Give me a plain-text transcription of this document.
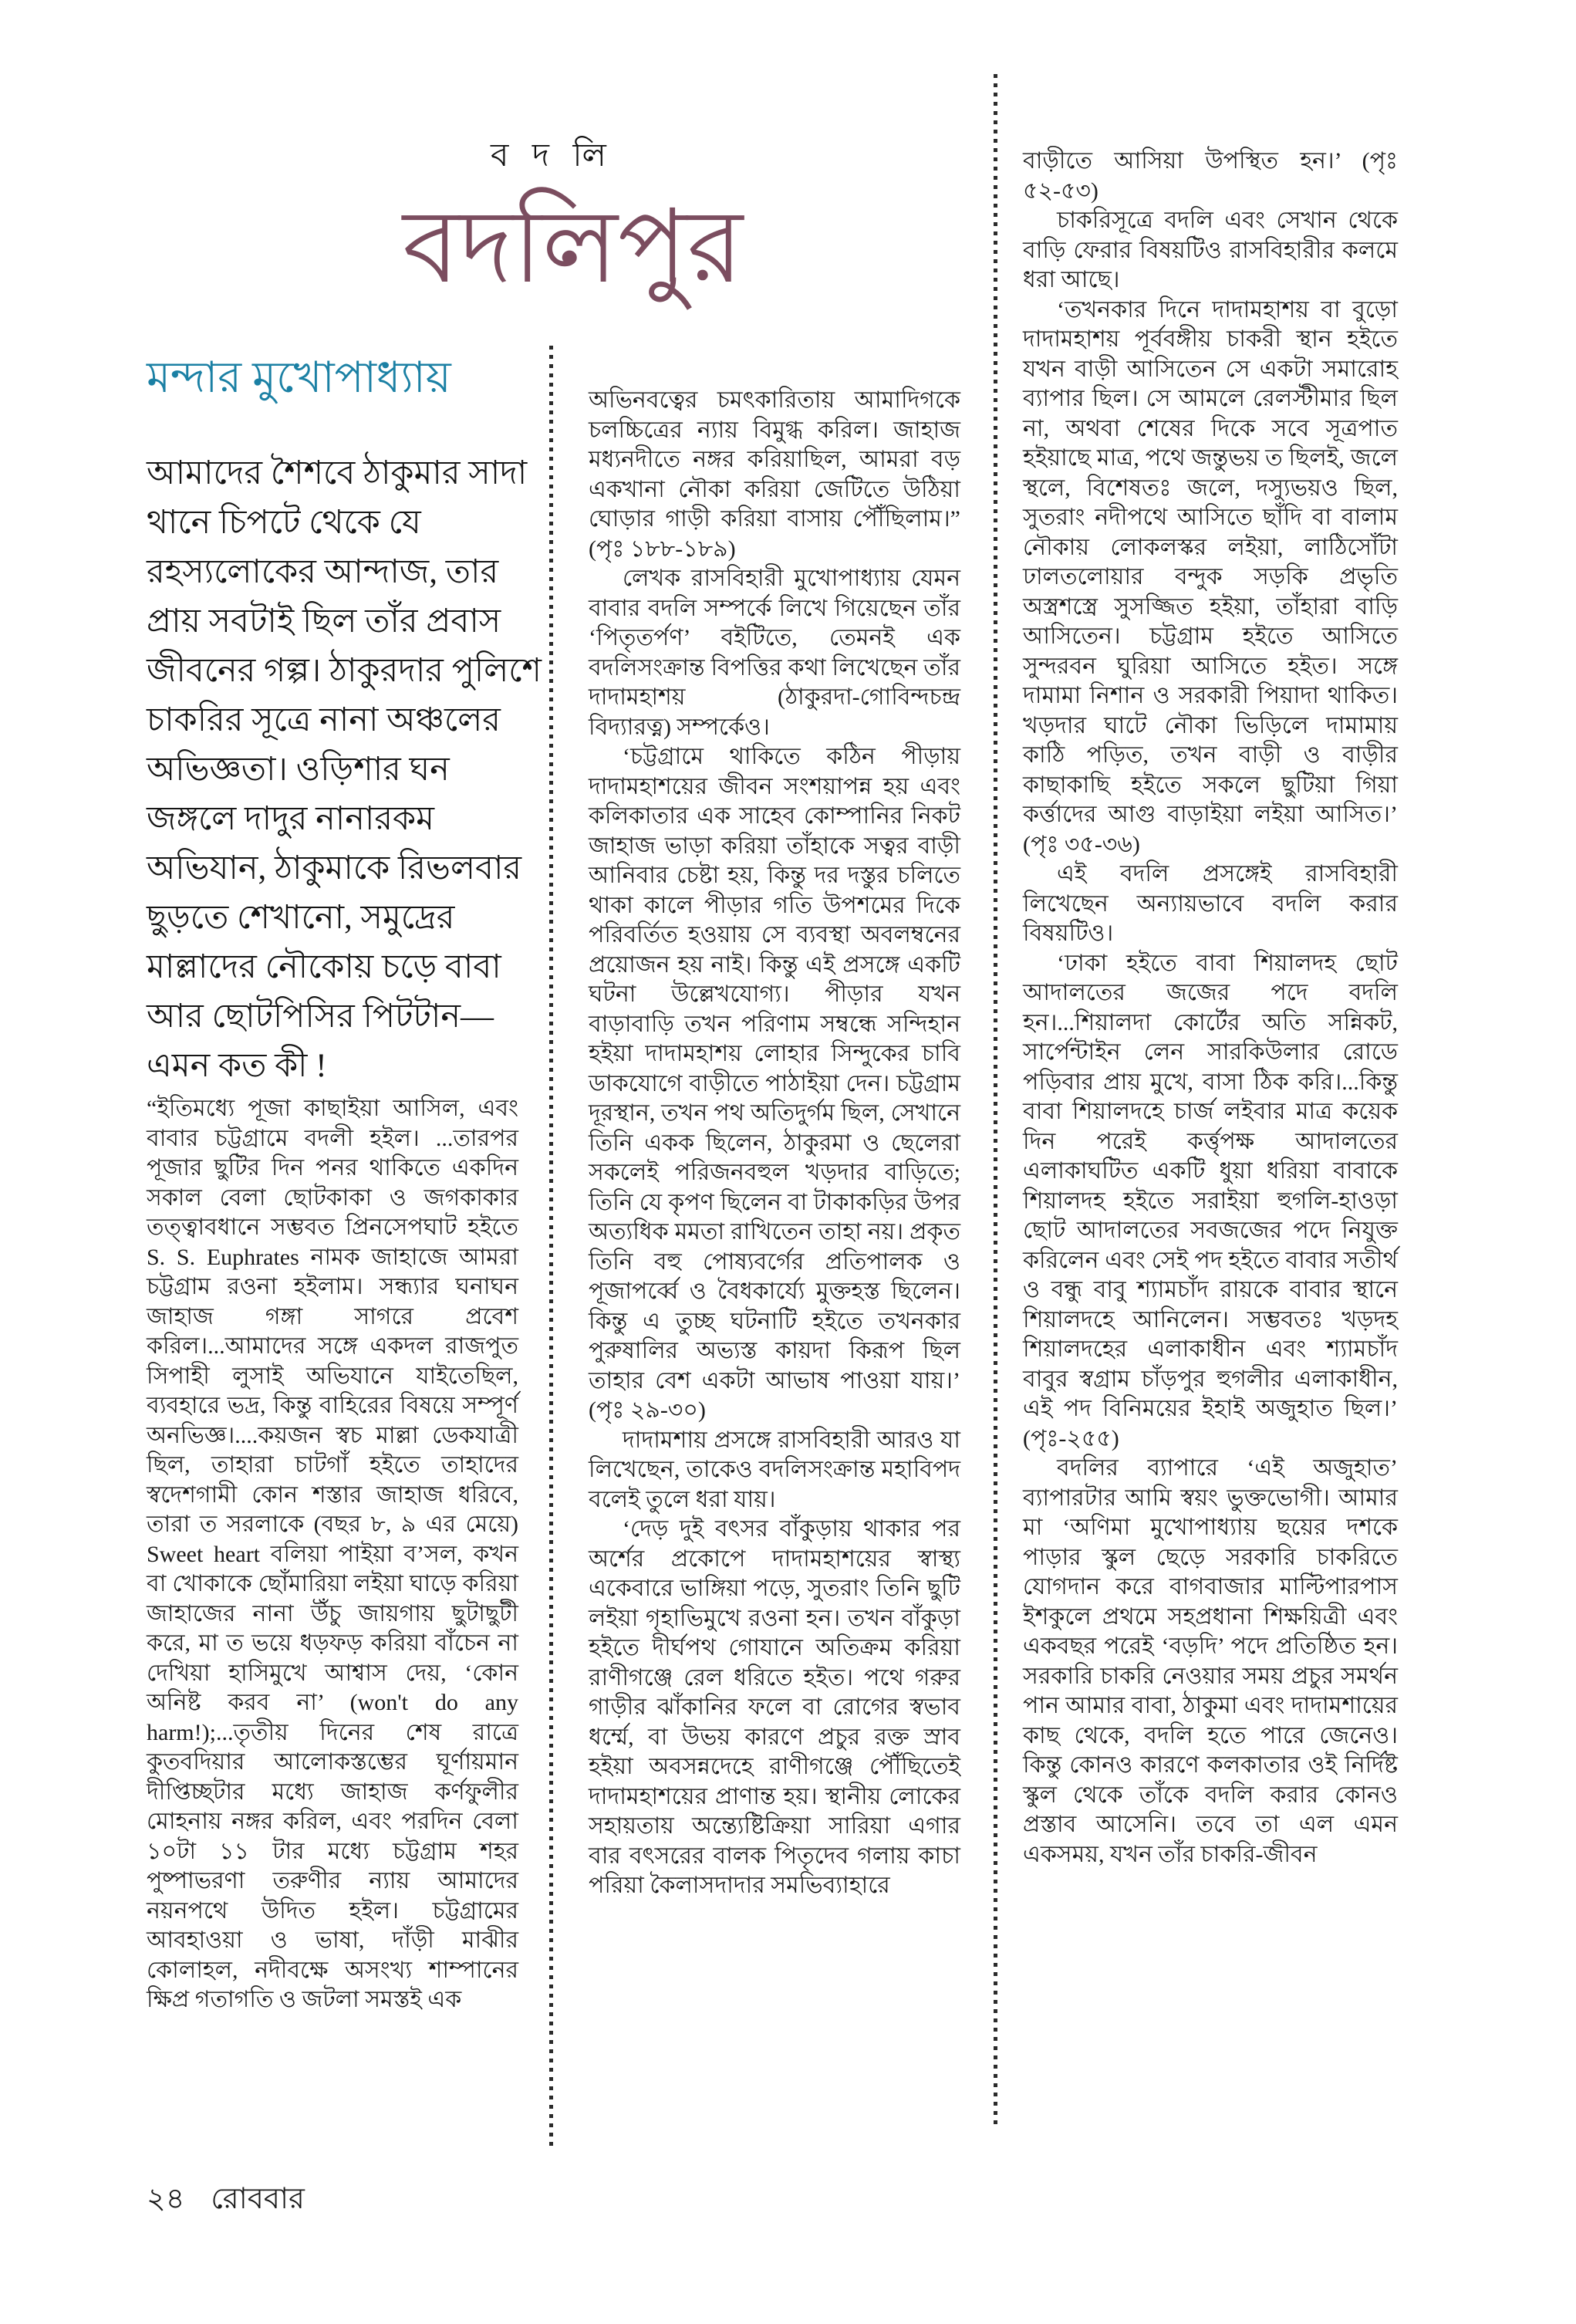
ব দ লি
বদলিপুর
মন্দার মুখোপাধ্যায়
আমাদের শৈশবে ঠাকুমার সাদা থানে চিপটে থেকে যে রহস্যলোকের আন্দাজ, তার প্রায় সবটাই ছিল তাঁর প্রবাস জীবনের গল্প। ঠাকুরদার পুলিশে চাকরির সূত্রে নানা অঞ্চলের অভিজ্ঞতা। ওড়িশার ঘন জঙ্গলে দাদুর নানারকম অভিযান, ঠাকুমাকে রিভলবার ছুড়তে শেখানো, সমুদ্রের মাল্লাদের নৌকোয় চড়ে বাবা আর ছোটপিসির পিটটান—এমন কত কী !

“ইতিমধ্যে পূজা কাছাইয়া আসিল, এবং বাবার চট্টগ্রামে বদলী হইল। ...তারপর পূজার ছুটির দিন পনর থাকিতে একদিন সকাল বেলা ছোটকাকা ও জগকাকার তত্ত্বাবধানে সম্ভবত প্রিনসেপঘাট হইতে S. S. Euphrates নামক জাহাজে আমরা চট্টগ্রাম রওনা হইলাম। সন্ধ্যার ঘনাঘন জাহাজ গঙ্গা সাগরে প্রবেশ করিল।...আমাদের সঙ্গে একদল রাজপুত সিপাহী লুসাই অভিযানে যাইতেছিল, ব্যবহারে ভদ্র, কিন্তু বাহিরের বিষয়ে সম্পূর্ণ অনভিজ্ঞ।....কয়জন স্বচ মাল্লা ডেকযাত্রী ছিল, তাহারা চাটগাঁ হইতে তাহাদের স্বদেশগামী কোন শস্তার জাহাজ ধরিবে, তারা ত সরলাকে (বছর ৮, ৯ এর মেয়ে) Sweet heart বলিয়া পাইয়া ব’সল, কখন বা খোকাকে ছোঁমারিয়া লইয়া ঘাড়ে করিয়া জাহাজের নানা উঁচু জায়গায় ছুটাছুটী করে, মা ত ভয়ে ধড়ফড় করিয়া বাঁচেন না দেখিয়া হাসিমুখে আশ্বাস দেয়, ‘কোন অনিষ্ট করব না’ (won't do any harm!);...তৃতীয় দিনের শেষ রাত্রে কুতবদিয়ার আলোকস্তম্ভের ঘূর্ণায়মান দীপ্তিচ্ছটার মধ্যে জাহাজ কর্ণফুলীর মোহনায় নঙ্গর করিল, এবং পরদিন বেলা ১০টা ১১ টার মধ্যে চট্টগ্রাম শহর পুষ্পাভরণা তরুণীর ন্যায় আমাদের নয়নপথে উদিত হইল। চট্টগ্রামের আবহাওয়া ও ভাষা, দাঁড়ী মাঝীর কোলাহল, নদীবক্ষে অসংখ্য শাম্পানের ক্ষিপ্র গতাগতি ও জটলা সমস্তই এক

অভিনবত্বের চমৎকারিতায় আমাদিগকে চলচ্চিত্রের ন্যায় বিমুগ্ধ করিল। জাহাজ মধ্যনদীতে নঙ্গর করিয়াছিল, আমরা বড় একখানা নৌকা করিয়া জেটিতে উঠিয়া ঘোড়ার গাড়ী করিয়া বাসায় পৌঁছিলাম।” (পৃঃ ১৮৮-১৮৯)

লেখক রাসবিহারী মুখোপাধ্যায় যেমন বাবার বদলি সম্পর্কে লিখে গিয়েছেন তাঁর ‘পিতৃতর্পণ’ বইটিতে, তেমনই এক বদলিসংক্রান্ত বিপত্তির কথা লিখেছেন তাঁর দাদামহাশয় (ঠাকুরদা-গোবিন্দচন্দ্র বিদ্যারত্ন) সম্পর্কেও।

‘চট্টগ্রামে থাকিতে কঠিন পীড়ায় দাদামহাশয়ের জীবন সংশয়াপন্ন হয় এবং কলিকাতার এক সাহেব কোম্পানির নিকট জাহাজ ভাড়া করিয়া তাঁহাকে সত্বর বাড়ী আনিবার চেষ্টা হয়, কিন্তু দর দস্তুর চলিতে থাকা কালে পীড়ার গতি উপশমের দিকে পরিবর্তিত হওয়ায় সে ব্যবস্থা অবলম্বনের প্রয়োজন হয় নাই। কিন্তু এই প্রসঙ্গে একটি ঘটনা উল্লেখযোগ্য। পীড়ার যখন বাড়াবাড়ি তখন পরিণাম সম্বন্ধে সন্দিহান হইয়া দাদামহাশয় লোহার সিন্দুকের চাবি ডাকযোগে বাড়ীতে পাঠাইয়া দেন। চট্টগ্রাম দূরস্থান, তখন পথ অতিদুর্গম ছিল, সেখানে তিনি একক ছিলেন, ঠাকুরমা ও ছেলেরা সকলেই পরিজনবহুল খড়দার বাড়িতে; তিনি যে কৃপণ ছিলেন বা টাকাকড়ির উপর অত্যধিক মমতা রাখিতেন তাহা নয়। প্রকৃত তিনি বহু পোষ্যবর্গের প্রতিপালক ও পূজাপর্ব্বে ও বৈধকার্য্যে মুক্তহস্ত ছিলেন। কিন্তু এ তুচ্ছ ঘটনাটি হইতে তখনকার পুরুষালির অভ্যস্ত কায়দা কিরূপ ছিল তাহার বেশ একটা আভাষ পাওয়া যায়।’ (পৃঃ ২৯-৩০)

দাদামশায় প্রসঙ্গে রাসবিহারী আরও যা লিখেছেন, তাকেও বদলিসংক্রান্ত মহাবিপদ বলেই তুলে ধরা যায়।

‘দেড় দুই বৎসর বাঁকুড়ায় থাকার পর অর্শের প্রকোপে দাদামহাশয়ের স্বাস্থ্য একেবারে ভাঙ্গিয়া পড়ে, সুতরাং তিনি ছুটি লইয়া গৃহাভিমুখে রওনা হন। তখন বাঁকুড়া হইতে দীর্ঘপথ গোযানে অতিক্রম করিয়া রাণীগঞ্জে রেল ধরিতে হইত। পথে গরুর গাড়ীর ঝাঁকানির ফলে বা রোগের স্বভাব ধর্ম্মে, বা উভয় কারণে প্রচুর রক্ত স্রাব হইয়া অবসন্নদেহে রাণীগঞ্জে পৌঁছিতেই দাদামহাশয়ের প্রাণান্ত হয়। স্থানীয় লোকের সহায়তায় অন্ত্যেষ্টিক্রিয়া সারিয়া এগার বার বৎসরের বালক পিতৃদেব গলায় কাচা পরিয়া কৈলাসদাদার সমভিব্যাহারে

বাড়ীতে আসিয়া উপস্থিত হন।’ (পৃঃ ৫২-৫৩)

চাকরিসূত্রে বদলি এবং সেখান থেকে বাড়ি ফেরার বিষয়টিও রাসবিহারীর কলমে ধরা আছে।

‘তখনকার দিনে দাদামহাশয় বা বুড়ো দাদামহাশয় পূর্ববঙ্গীয় চাকরী স্থান হইতে যখন বাড়ী আসিতেন সে একটা সমারোহ ব্যাপার ছিল। সে আমলে রেলস্টীমার ছিল না, অথবা শেষের দিকে সবে সূত্রপাত হইয়াছে মাত্র, পথে জন্তুভয় ত ছিলই, জলে স্থলে, বিশেষতঃ জলে, দস্যুভয়ও ছিল, সুতরাং নদীপথে আসিতে ছাঁদি বা বালাম নৌকায় লোকলস্কর লইয়া, লাঠিসোঁটা ঢালতলোয়ার বন্দুক সড়কি প্রভৃতি অস্ত্রশস্ত্রে সুসজ্জিত হইয়া, তাঁহারা বাড়ি আসিতেন। চট্টগ্রাম হইতে আসিতে সুন্দরবন ঘুরিয়া আসিতে হইত। সঙ্গে দামামা নিশান ও সরকারী পিয়াদা থাকিত। খড়দার ঘাটে নৌকা ভিড়িলে দামামায় কাঠি পড়িত, তখন বাড়ী ও বাড়ীর কাছাকাছি হইতে সকলে ছুটিয়া গিয়া কর্ত্তাদের আগু বাড়াইয়া লইয়া আসিত।’ (পৃঃ ৩৫-৩৬)

এই বদলি প্রসঙ্গেই রাসবিহারী লিখেছেন অন্যায়ভাবে বদলি করার বিষয়টিও।

‘ঢাকা হইতে বাবা শিয়ালদহ ছোট আদালতের জজের পদে বদলি হন।...শিয়ালদা কোর্টের অতি সন্নিকট, সার্পেন্টাইন লেন সারকিউলার রোডে পড়িবার প্রায় মুখে, বাসা ঠিক করি।...কিন্তু বাবা শিয়ালদহে চার্জ লইবার মাত্র কয়েক দিন পরেই কর্ত্তৃপক্ষ আদালতের এলাকাঘটিত একটি ধুয়া ধরিয়া বাবাকে শিয়ালদহ হইতে সরাইয়া হুগলি-হাওড়া ছোট আদালতের সবজজের পদে নিযুক্ত করিলেন এবং সেই পদ হইতে বাবার সতীর্থ ও বন্ধু বাবু শ্যামচাঁদ রায়কে বাবার স্থানে শিয়ালদহে আনিলেন। সম্ভবতঃ খড়দহ শিয়ালদহের এলাকাধীন এবং শ্যামচাঁদ বাবুর স্বগ্রাম চাঁড়পুর হুগলীর এলাকাধীন, এই পদ বিনিময়ের ইহাই অজুহাত ছিল।’ (পৃঃ-২৫৫)

বদলির ব্যাপারে ‘এই অজুহাত’ ব্যাপারটার আমি স্বয়ং ভুক্তভোগী। আমার মা ‘অণিমা মুখোপাধ্যায় ছয়ের দশকে পাড়ার স্কুল ছেড়ে সরকারি চাকরিতে যোগদান করে বাগবাজার মাল্টিপারপাস ইশকুলে প্রথমে সহপ্রধানা শিক্ষয়িত্রী এবং একবছর পরেই ‘বড়দি’ পদে প্রতিষ্ঠিত হন। সরকারি চাকরি নেওয়ার সময় প্রচুর সমর্থন পান আমার বাবা, ঠাকুমা এবং দাদামশায়ের কাছ থেকে, বদলি হতে পারে জেনেও। কিন্তু কোনও কারণে কলকাতার ওই নির্দিষ্ট স্কুল থেকে তাঁকে বদলি করার কোনও প্রস্তাব আসেনি। তবে তা এল এমন একসময়, যখন তাঁর চাকরি-জীবন

২৪ রোববার
